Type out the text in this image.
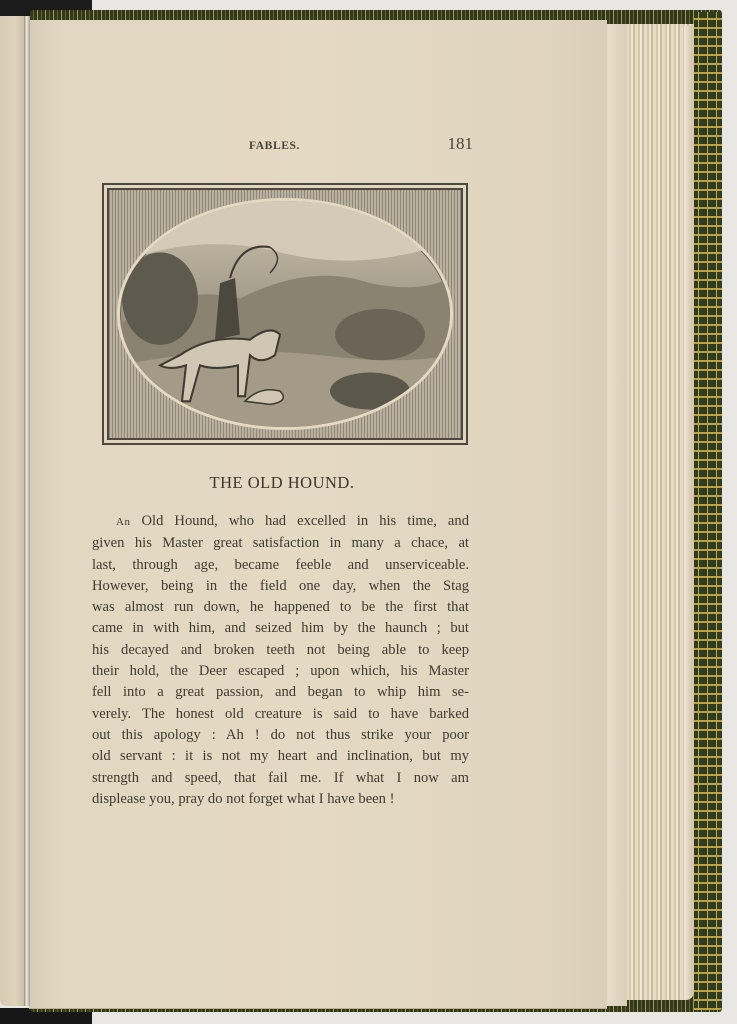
FABLES.	181
THE OLD HOUND.
An Old Hound, who had excelled in his time, and
given his Master great satisfaction in many a chace, at
last, through age, became feeble and unserviceable.
However, being in the field one day, when the Stag
was almost run down, he happened to be the first that
came in with him, and seized him by the haunch ; but
his decayed and broken teeth not being able to keep
their hold, the Deer escaped ; upon which, his Master
fell into a great passion, and began to whip him se-
verely. The honest old creature is said to have barked
out this apology : Ah ! do not thus strike your poor
old servant : it is not my heart and inclination, but my
strength and speed, that fail me. If what I now am
displease you, pray do not forget what I have been !
